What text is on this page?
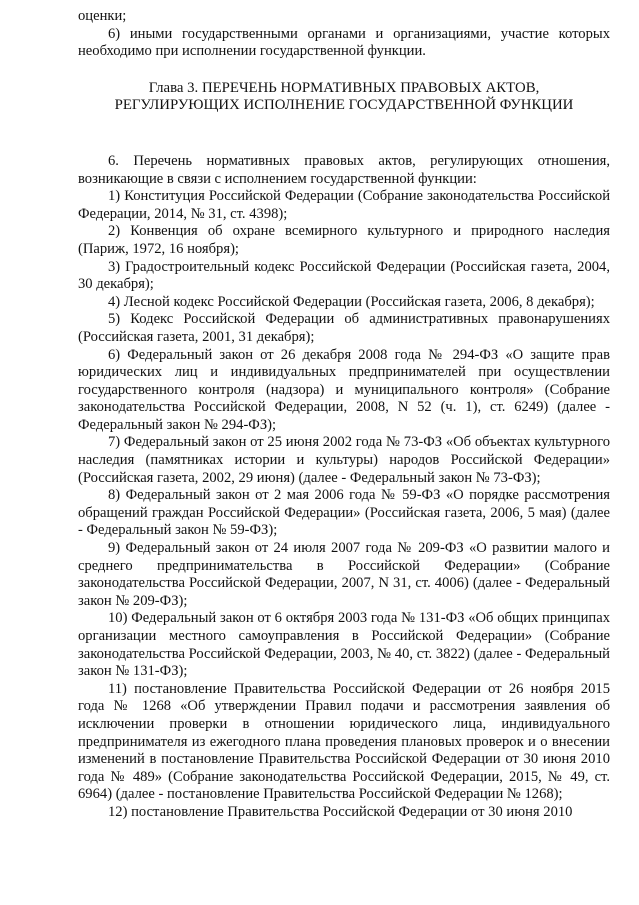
оценки;

6) иными государственными органами и организациями, участие которых необходимо при исполнении государственной функции.

Глава 3. ПЕРЕЧЕНЬ НОРМАТИВНЫХ ПРАВОВЫХ АКТОВ,
РЕГУЛИРУЮЩИХ ИСПОЛНЕНИЕ ГОСУДАРСТВЕННОЙ ФУНКЦИИ

6. Перечень нормативных правовых актов, регулирующих отношения, возникающие в связи с исполнением государственной функции:

1) Конституция Российской Федерации (Собрание законодательства Российской Федерации, 2014, № 31, ст. 4398);

2) Конвенция об охране всемирного культурного и природного наследия (Париж, 1972, 16 ноября);

3) Градостроительный кодекс Российской Федерации (Российская газета, 2004, 30 декабря);

4) Лесной кодекс Российской Федерации (Российская газета, 2006, 8 декабря);

5) Кодекс Российской Федерации об административных правонарушениях (Российская газета, 2001, 31 декабря);

6) Федеральный закон от 26 декабря 2008 года № 294-ФЗ «О защите прав юридических лиц и индивидуальных предпринимателей при осуществлении государственного контроля (надзора) и муниципального контроля» (Собрание законодательства Российской Федерации, 2008, N 52 (ч. 1), ст. 6249) (далее - Федеральный закон № 294-ФЗ);

7) Федеральный закон от 25 июня 2002 года № 73-ФЗ «Об объектах культурного наследия (памятниках истории и культуры) народов Российской Федерации» (Российская газета, 2002, 29 июня) (далее - Федеральный закон № 73-ФЗ);

8) Федеральный закон от 2 мая 2006 года № 59-ФЗ «О порядке рассмотрения обращений граждан Российской Федерации» (Российская газета, 2006, 5 мая) (далее - Федеральный закон № 59-ФЗ);

9) Федеральный закон от 24 июля 2007 года № 209-ФЗ «О развитии малого и среднего предпринимательства в Российской Федерации» (Собрание законодательства Российской Федерации, 2007, N 31, ст. 4006) (далее - Федеральный закон № 209-ФЗ);

10) Федеральный закон от 6 октября 2003 года № 131-ФЗ «Об общих принципах организации местного самоуправления в Российской Федерации» (Собрание законодательства Российской Федерации, 2003, № 40, ст. 3822) (далее - Федеральный закон № 131-ФЗ);

11) постановление Правительства Российской Федерации от 26 ноября 2015 года № 1268 «Об утверждении Правил подачи и рассмотрения заявления об исключении проверки в отношении юридического лица, индивидуального предпринимателя из ежегодного плана проведения плановых проверок и о внесении изменений в постановление Правительства Российской Федерации от 30 июня 2010 года № 489» (Собрание законодательства Российской Федерации, 2015, № 49, ст. 6964) (далее - постановление Правительства Российской Федерации № 1268);

12) постановление Правительства Российской Федерации от 30 июня 2010
